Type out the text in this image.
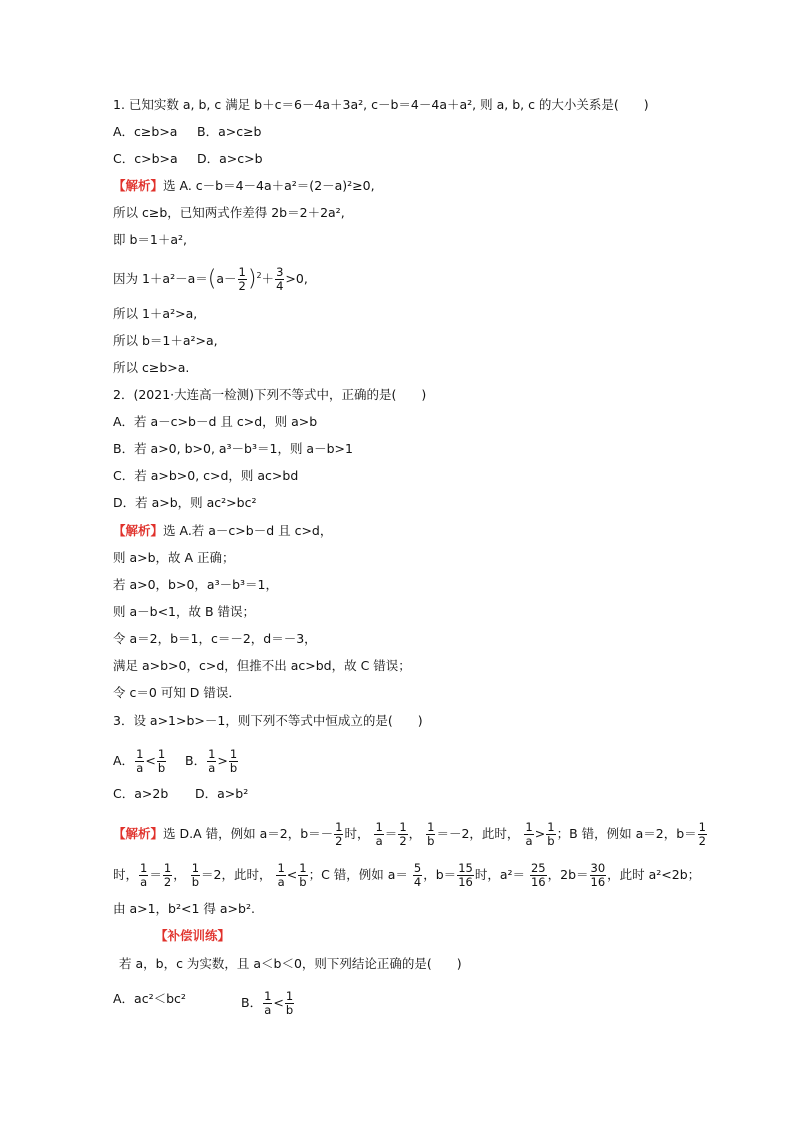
1. 已知实数 a, b, c 满足 b＋c＝6－4a＋3a², c－b＝4－4a＋a², 则 a, b, c 的大小关系是(　　)
A．c≥b>a B．a>c≥b
C．c>b>a D．a>c>b
【解析】选 A. c－b＝4－4a＋a²＝(2－a)²≥0,
所以 c≥b，已知两式作差得 2b＝2＋2a²,
即 b＝1＋a²,
因为 $1+a^2-a=(a- \frac{1}{2} )^2+ \frac{3}{4} >0$,
所以 1＋a²>a,
所以 b＝1＋a²>a,
所以 c≥b>a.
2．(2021·大连高一检测)下列不等式中，正确的是(　　)
A．若 a－c>b－d 且 c>d，则 a>b
B．若 a>0, b>0, a³－b³＝1，则 a－b>1
C．若 a>b>0, c>d，则 ac>bd
D．若 a>b，则 ac²>bc²
【解析】选 A.若 a－c>b－d 且 c>d，
则 a>b，故 A 正确；
若 a>0，b>0，a³－b³＝1，
则 a－b<1，故 B 错误；
令 a＝2，b＝1，c＝－2，d＝－3，
满足 a>b>0，c>d，但推不出 ac>bd，故 C 错误；
令 c＝0 可知 D 错误．
3．设 a>1>b>－1，则下列不等式中恒成立的是(　　)
A． $\frac{1}{a} < \frac{1}{b}$ B． $\frac{1}{a} > \frac{1}{b}$
C．a>2b D．a>b²
【解析】选 D.A 错，例如 a＝2，$b=- \frac{1}{2}$ 时， $\frac{1}{a} = \frac{1}{2}$ ， $\frac{1}{b} =-2$，此时， $\frac{1}{a} > \frac{1}{b}$ ；B 错，例如 a＝2，$b= \frac{1}{2}$
时， $\frac{1}{a} = \frac{1}{2}$ ， $\frac{1}{b} =2$，此时， $\frac{1}{a} < \frac{1}{b}$ ；C 错，例如 $a= \frac{5}{4}$ ，$b= \frac{15}{16}$ 时，$a^2= \frac{25}{16}$ ，$2b= \frac{30}{16}$ ，此时 a²<2b；
由 a>1，b²<1 得 a>b².
【补偿训练】
若 a，b，c 为实数，且 a＜b＜0，则下列结论正确的是(　　)
A．ac²＜bc²	B． $\frac{1}{a} < \frac{1}{b}$
